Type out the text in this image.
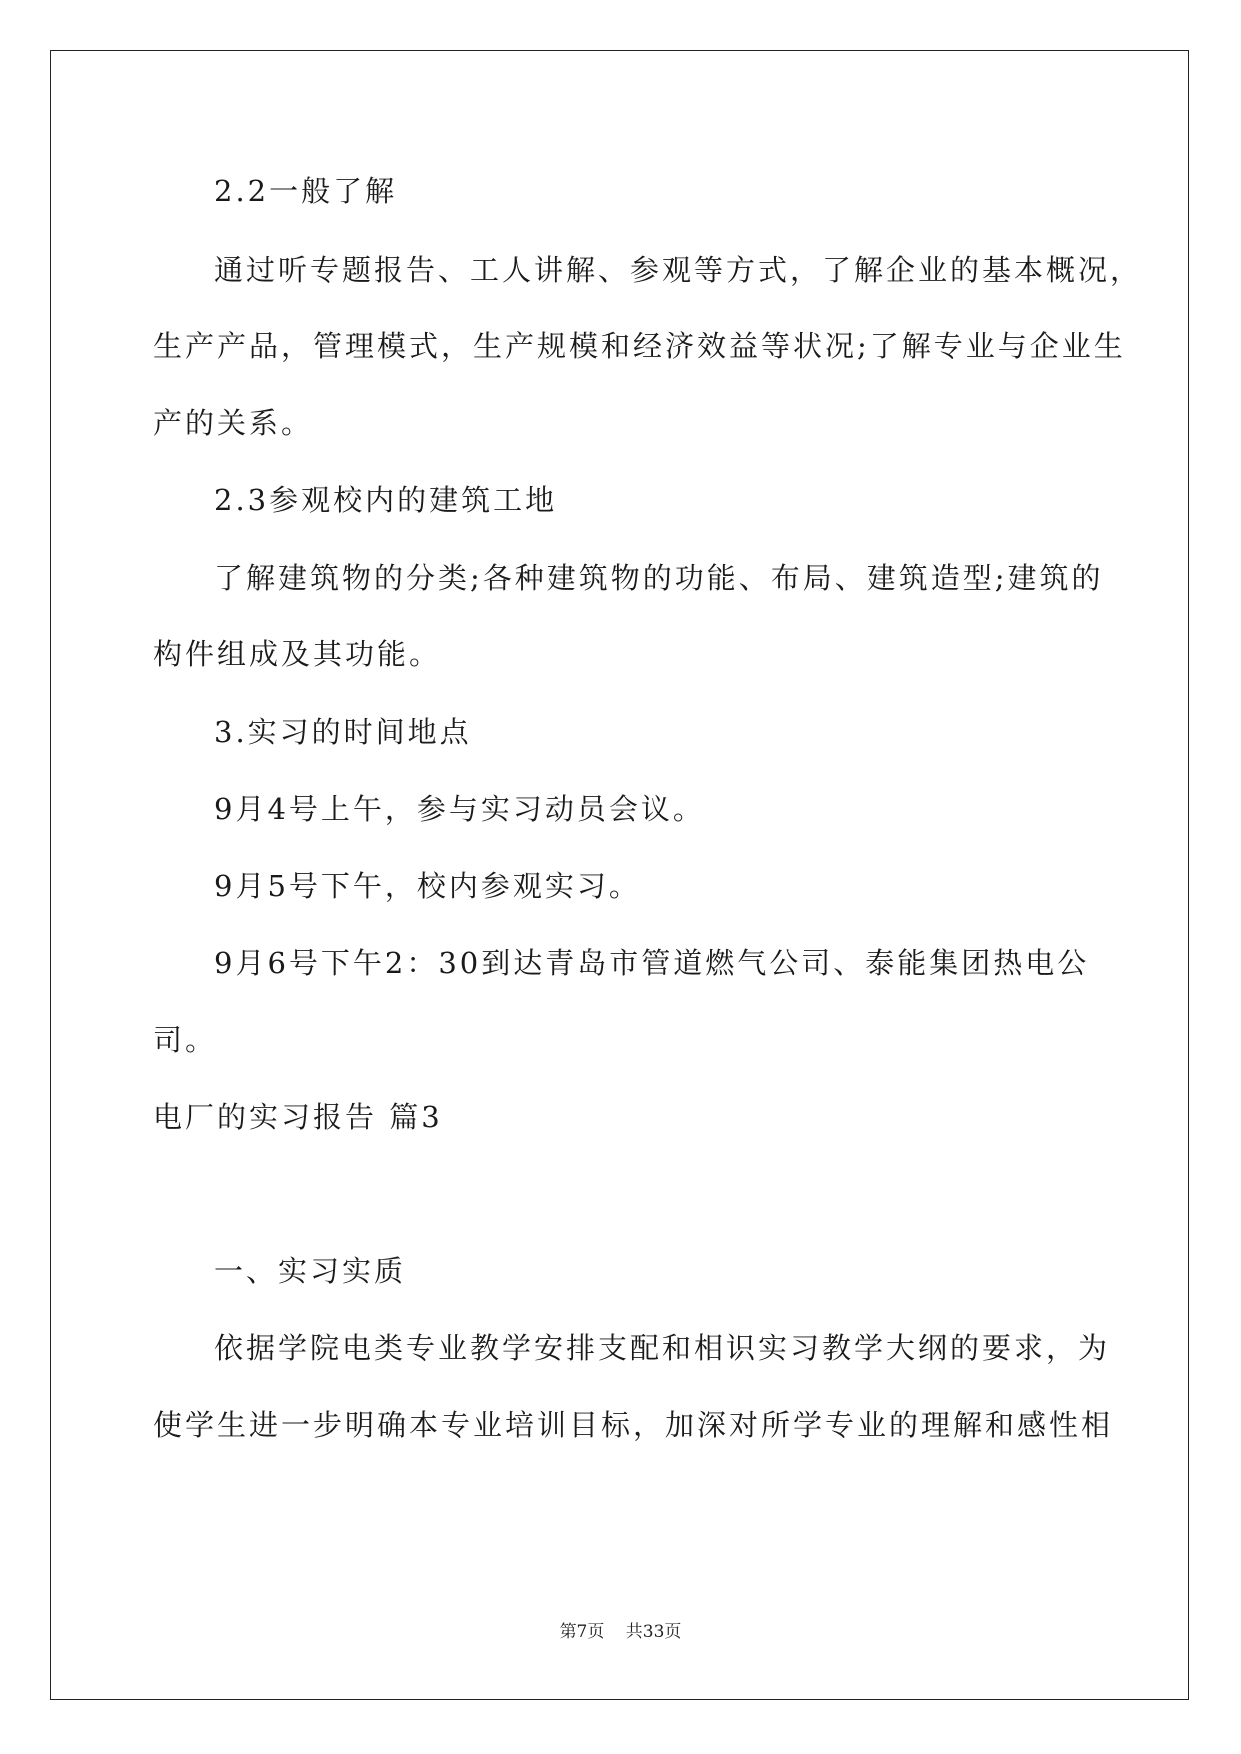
2.2一般了解

通过听专题报告、工人讲解、参观等方式，了解企业的基本概况，

生产产品，管理模式，生产规模和经济效益等状况;了解专业与企业生

产的关系。

2.3参观校内的建筑工地

了解建筑物的分类;各种建筑物的功能、布局、建筑造型;建筑的

构件组成及其功能。

3.实习的时间地点

9月4号上午，参与实习动员会议。

9月5号下午，校内参观实习。

9月6号下午2：30到达青岛市管道燃气公司、泰能集团热电公

司。

电厂的实习报告 篇3

一、实习实质

依据学院电类专业教学安排支配和相识实习教学大纲的要求，为

使学生进一步明确本专业培训目标，加深对所学专业的理解和感性相

第7页 共33页
